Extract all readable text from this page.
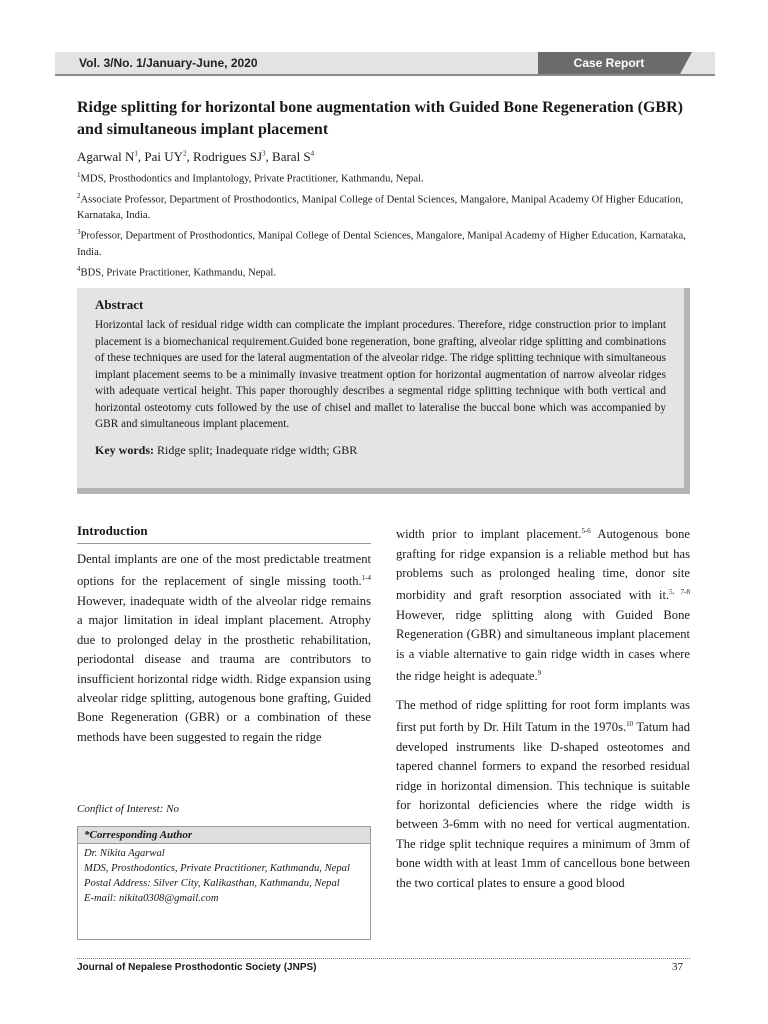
Vol. 3/No. 1/January-June, 2020	Case Report
Ridge splitting for horizontal bone augmentation with Guided Bone Regeneration (GBR) and simultaneous implant placement
Agarwal $N^1$, Pai $UY^2$, Rodrigues $SJ^3$, Baral $S^4$

$^1$MDS, Prosthodontics and Implantology, Private Practitioner, Kathmandu, Nepal.

$^2$Associate Professor, Department of Prosthodontics, Manipal College of Dental Sciences, Mangalore, Manipal Academy Of Higher Education, Karnataka, India.

$^3$Professor, Department of Prosthodontics, Manipal College of Dental Sciences, Mangalore, Manipal Academy of Higher Education, Karnataka, India.

$^4$BDS, Private Practitioner, Kathmandu, Nepal.

Abstract

Horizontal lack of residual ridge width can complicate the implant procedures. Therefore, ridge construction prior to implant placement is a biomechanical requirement.Guided bone regeneration, bone grafting, alveolar ridge splitting and combinations of these techniques are used for the lateral augmentation of the alveolar ridge. The ridge splitting technique with simultaneous implant placement seems to be a minimally invasive treatment option for horizontal augmentation of narrow alveolar ridges with adequate vertical height. This paper thoroughly describes a segmental ridge splitting technique with both vertical and horizontal osteotomy cuts followed by the use of chisel and mallet to lateralise the buccal bone which was accompanied by GBR and simultaneous implant placement.

Key words: Ridge split; Inadequate ridge width; GBR

Introduction

Dental implants are one of the most predictable treatment options for the replacement of single missing tooth.$^{1-4}$ However, inadequate width of the alveolar ridge remains a major limitation in ideal implant placement. Atrophy due to prolonged delay in the prosthetic rehabilitation, periodontal disease and trauma are contributors to insufficient horizontal ridge width. Ridge expansion using alveolar ridge splitting, autogenous bone grafting, Guided Bone Regeneration (GBR) or a combination of these methods have been suggested to regain the ridge

width prior to implant placement.$^{5-6}$ Autogenous bone grafting for ridge expansion is a reliable method but has problems such as prolonged healing time, donor site morbidity and graft resorption associated with it.$^{5, 7-8}$ However, ridge splitting along with Guided Bone Regeneration (GBR) and simultaneous implant placement is a viable alternative to gain ridge width in cases where the ridge height is adequate.$^9$

The method of ridge splitting for root form implants was first put forth by Dr. Hilt Tatum in the 1970s.$^{10}$ Tatum had developed instruments like D-shaped osteotomes and tapered channel formers to expand the resorbed residual ridge in horizontal dimension. This technique is suitable for horizontal deficiencies where the ridge width is between 3-6mm with no need for vertical augmentation. The ridge split technique requires a minimum of 3mm of bone width with at least 1mm of cancellous bone between the two cortical plates to ensure a good blood

Conflict of Interest: No
*Corresponding Author

Dr. Nikita Agarwal

MDS, Prosthodontics, Private Practitioner, Kathmandu, Nepal

Postal Address: Silver City, Kalikasthan, Kathmandu, Nepal

E-mail: nikita0308@gmail.com

Journal of Nepalese Prosthodontic Society (JNPS)	37
